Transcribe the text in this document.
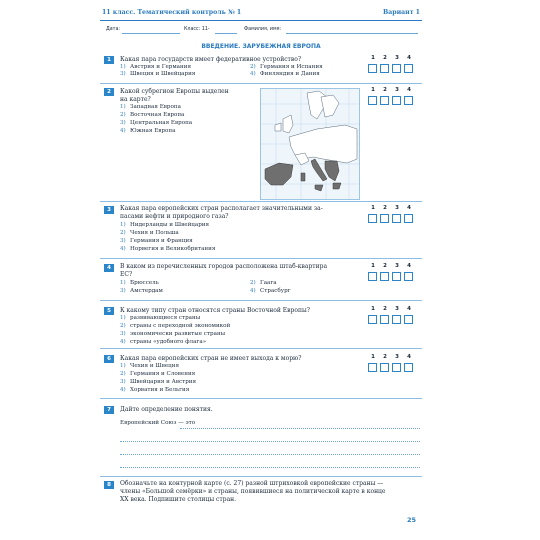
11 класс. Тематический контроль № 1	Вариант 1
Дата:	Класс: 11-	Фамилия, имя:
ВВЕДЕНИЕ. ЗАРУБЕЖНАЯ ЕВРОПА
1	Какая пара государств имеет федеративное устройство?
1) Австрия и Германия	2) Германия и Испания
3) Швеция и Швейцария	4) Финляндия и Дания
1	2	3	4
2	Какой субрегион Европы выделен
на карте?
1) Западная Европа
2) Восточная Европа
3) Центральная Европа
4) Южная Европа
1	2	3	4
3	Какая пара европейских стран располагает значительными за-
пасами нефти и природного газа?
1) Нидерланды и Швейцария
2) Чехия и Польша
3) Германия и Франция
4) Норвегия и Великобритания
1	2	3	4
4	В каком из перечисленных городов расположена штаб-квартира
ЕС?
1) Брюссель	2) Гаага
3) Амстердам	4) Страсбург
1	2	3	4
5	К какому типу стран относятся страны Восточной Европы?
1) развивающиеся страны
2) страны с переходной экономикой
3) экономически развитые страны
4) страны «удобного флага»
1	2	3	4
6	Какая пара европейских стран не имеет выхода к морю?
1) Чехия и Швеция
2) Германия и Словения
3) Швейцария и Австрия
4) Хорватия и Бельгия
1	2	3	4
7	Дайте определение понятия.
Европейский Союз — это
8	Обозначьте на контурной карте (с. 27) разной штриховкой европейские страны —
члены «Большой семёрки» и страны, появившиеся на политической карте в конце
XX века. Подпишите столицы стран.
25
